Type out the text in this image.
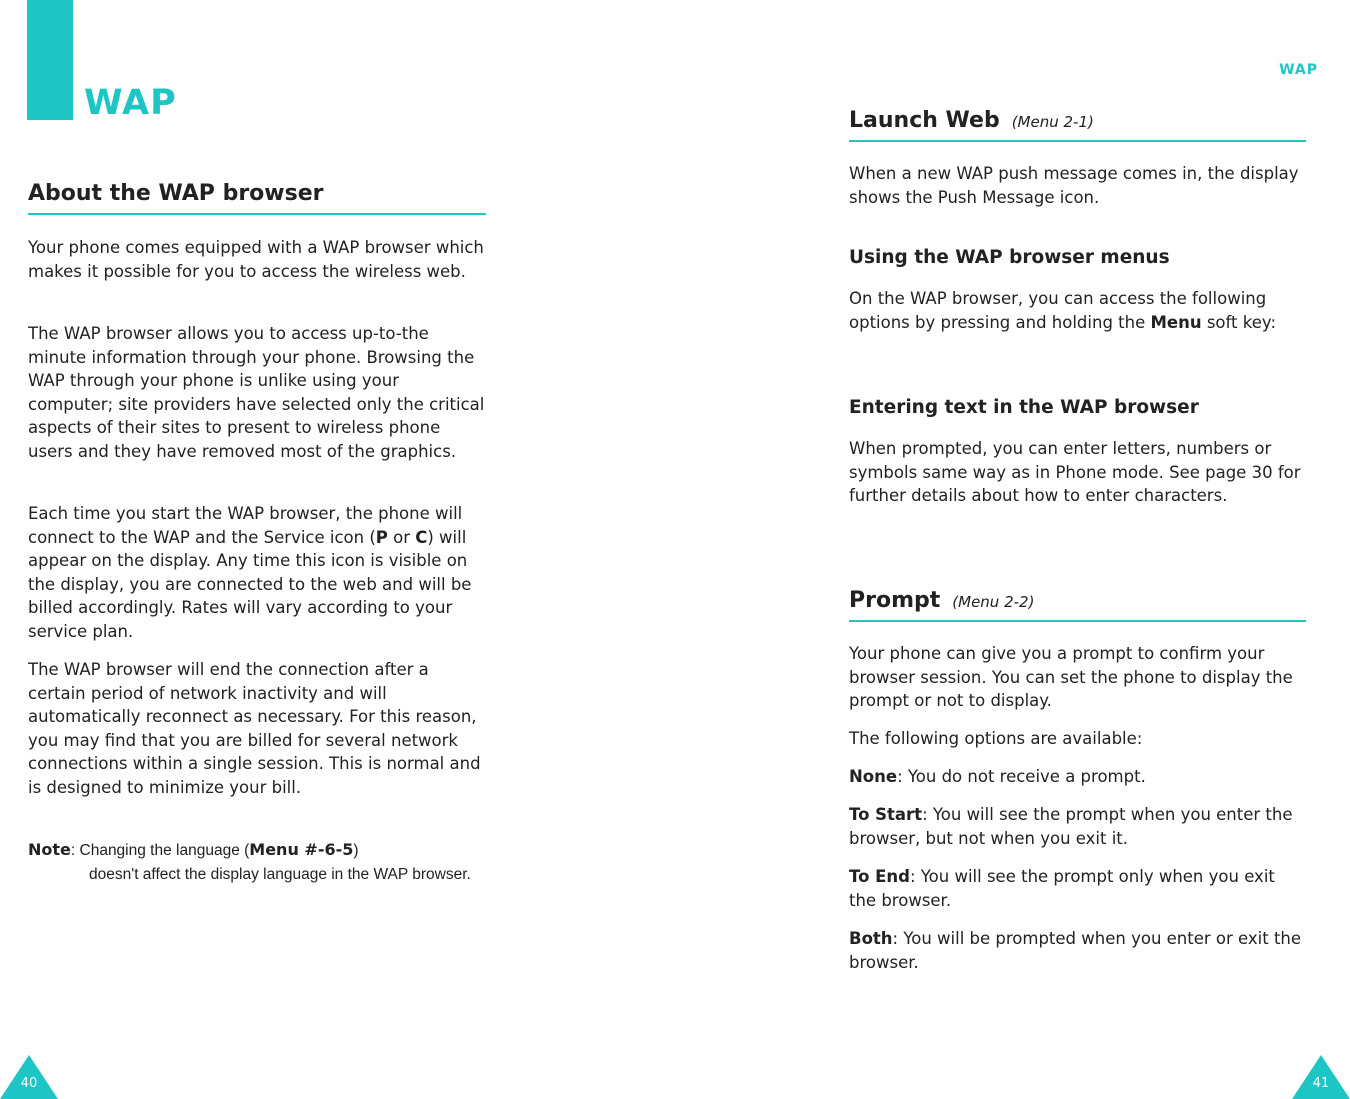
WAP
About the WAP browser

Your phone comes equipped with a WAP browser which makes it possible for you to access the wireless web.

The WAP browser allows you to access up-to-the minute information through your phone. Browsing the WAP through your phone is unlike using your computer; site providers have selected only the critical aspects of their sites to present to wireless phone users and they have removed most of the graphics.

Each time you start the WAP browser, the phone will connect to the WAP and the Service icon (P or C) will appear on the display. Any time this icon is visible on the display, you are connected to the web and will be billed accordingly. Rates will vary according to your service plan.

The WAP browser will end the connection after a certain period of network inactivity and will automatically reconnect as necessary. For this reason, you may find that you are billed for several network connections within a single session. This is normal and is designed to minimize your bill.

Note: Changing the language (Menu #-6-5)
doesn't affect the display language in the WAP browser.
40
WAP
Launch Web (Menu 2-1)

When a new WAP push message comes in, the display shows the Push Message icon.

Using the WAP browser menus

On the WAP browser, you can access the following options by pressing and holding the Menu soft key:

Entering text in the WAP browser

When prompted, you can enter letters, numbers or symbols same way as in Phone mode. See page 30 for further details about how to enter characters.

Prompt (Menu 2-2)

Your phone can give you a prompt to confirm your browser session. You can set the phone to display the prompt or not to display.

The following options are available:

None: You do not receive a prompt.

To Start: You will see the prompt when you enter the browser, but not when you exit it.

To End: You will see the prompt only when you exit the browser.

Both: You will be prompted when you enter or exit the browser.

41
